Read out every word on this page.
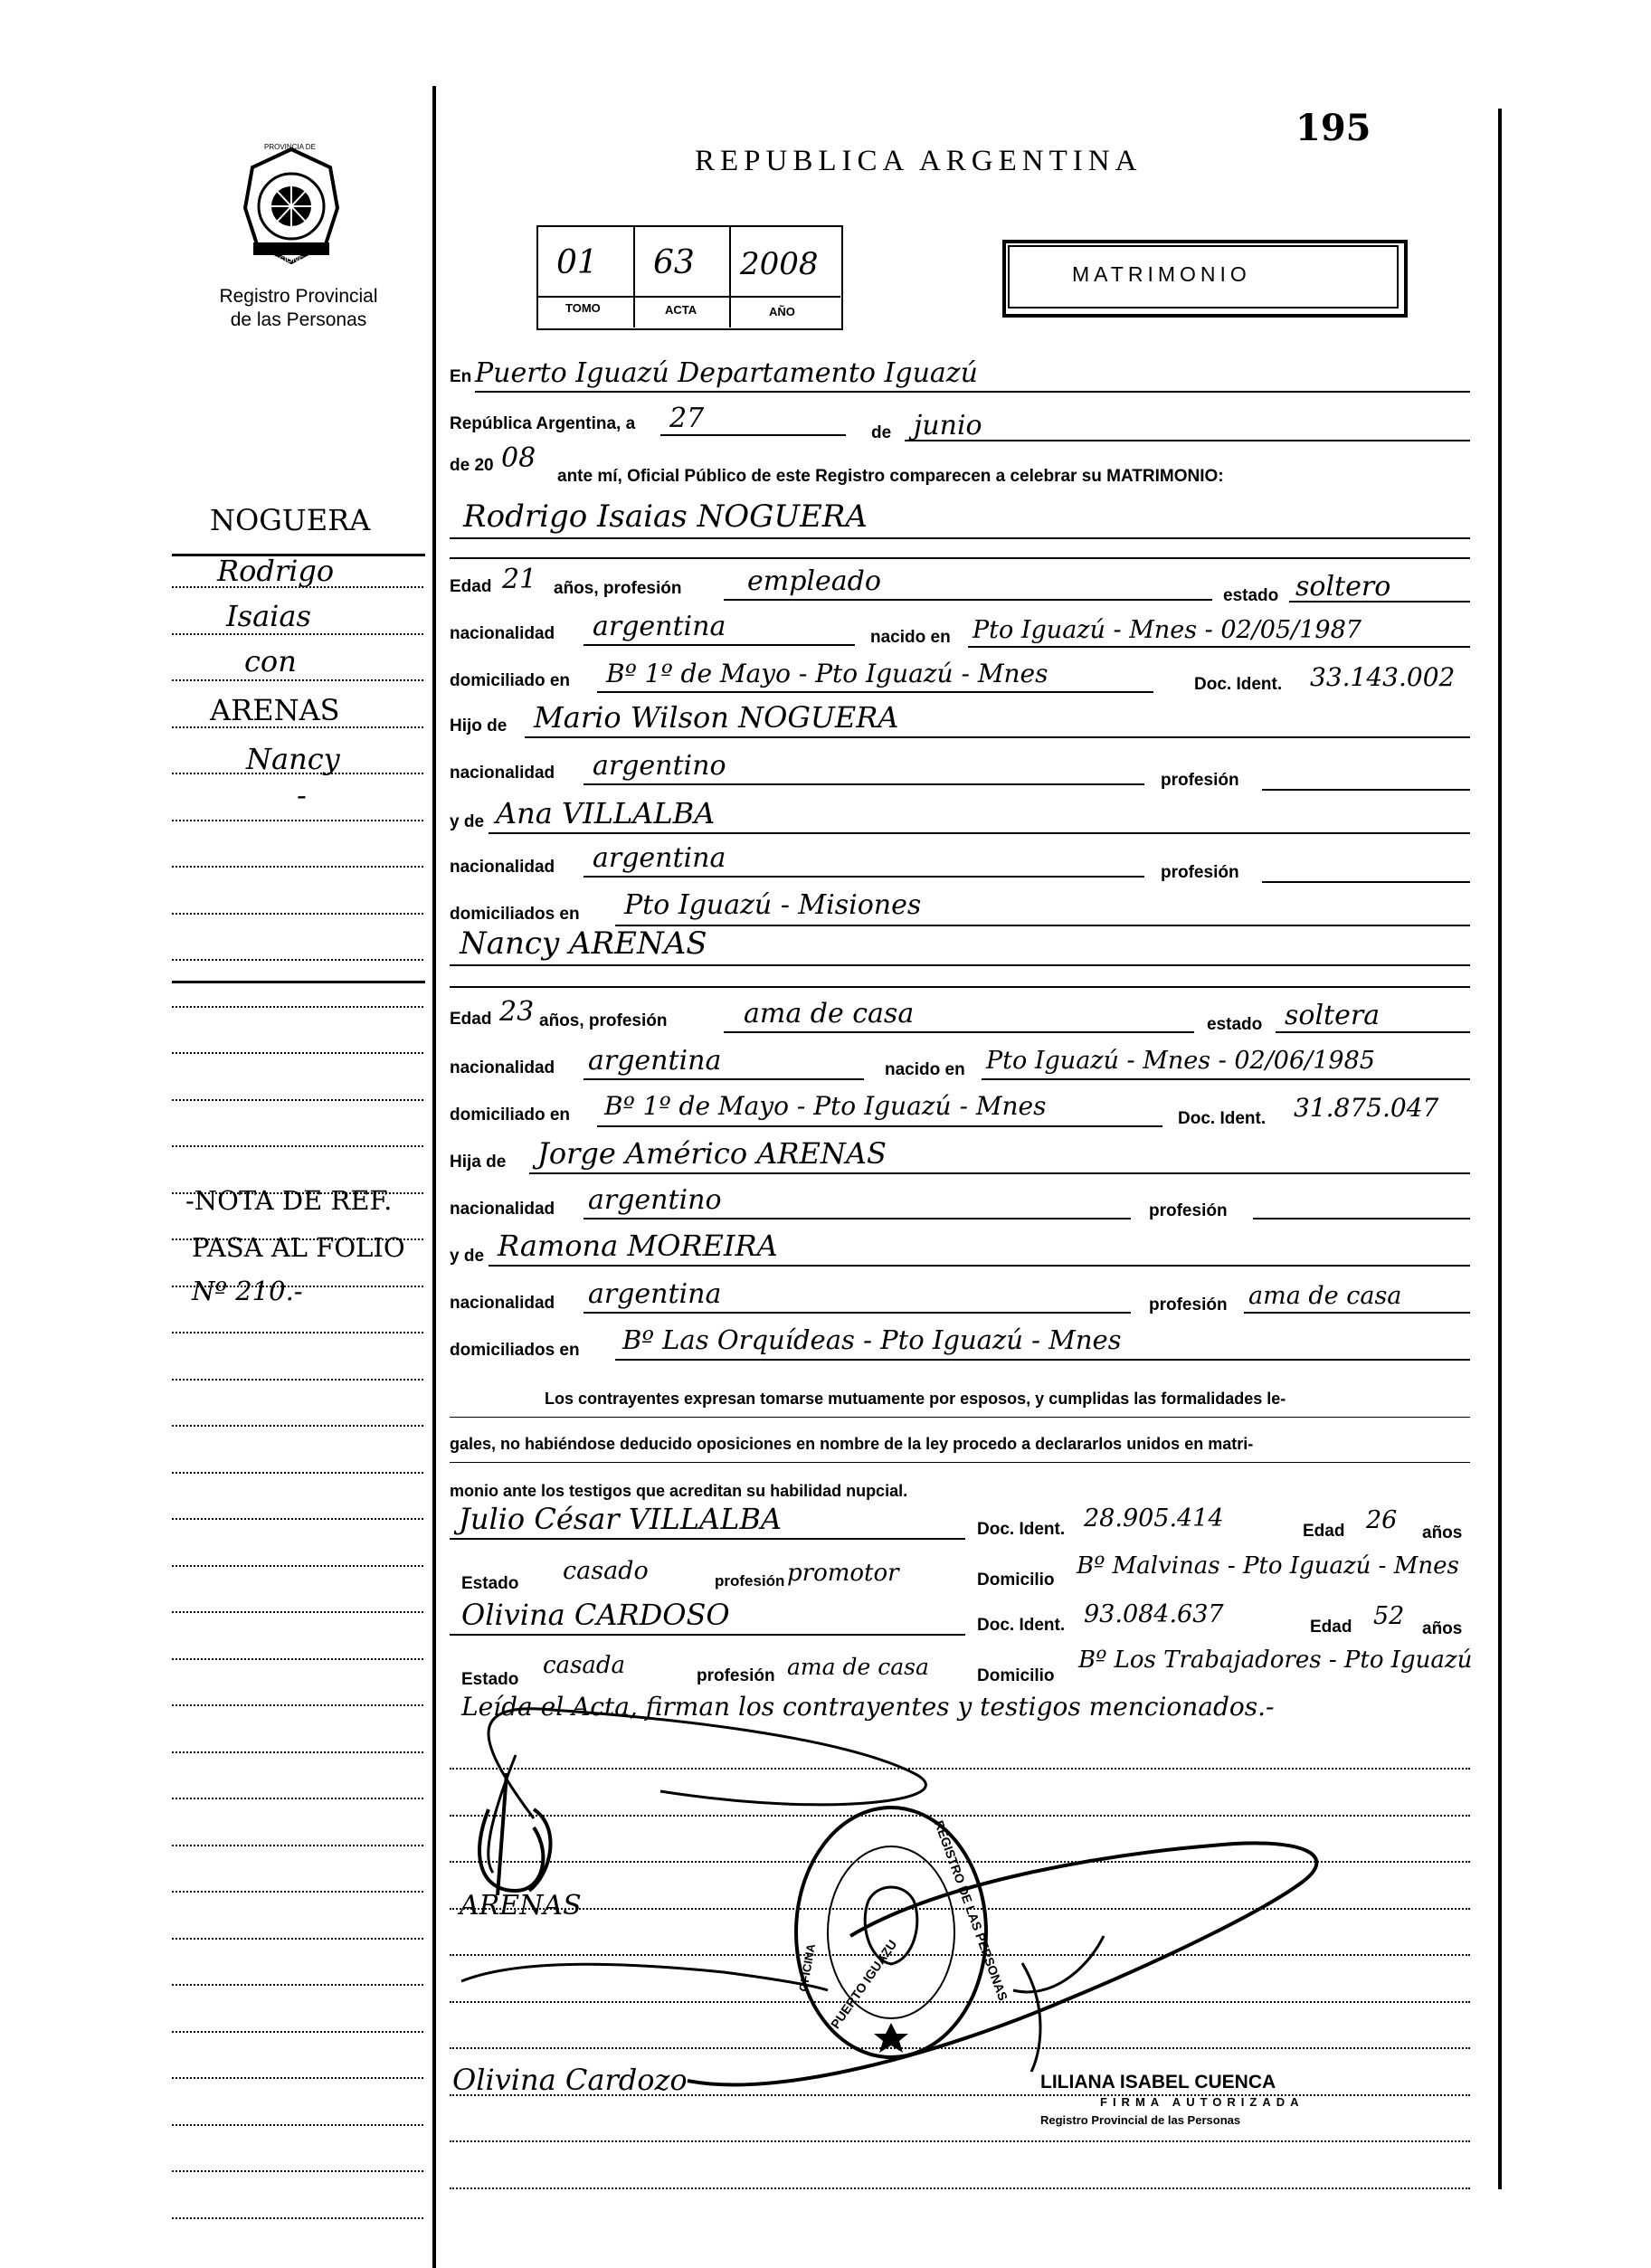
195
REPUBLICA ARGENTINA
PROVINCIA DE
MISIONES
Registro Provincial
de las Personas
01 63 2008
TOMO	ACTA	AÑO
MATRIMONIO
En Puerto Iguazú Departamento Iguazú
República Argentina, a 27	de junio
de 20 08
ante mí, Oficial Público de este Registro comparecen a celebrar su MATRIMONIO:
Rodrigo Isaias NOGUERA
Edad 21 años, profesión empleado	estado soltero
nacionalidad argentina	nacido en Pto Iguazú - Mnes - 02/05/1987
domiciliado en Bº 1º de Mayo - Pto Iguazú - Mnes	Doc. Ident. 33.143.002
Hijo de Mario Wilson NOGUERA
nacionalidad argentino	profesión
y de Ana VILLALBA
nacionalidad argentina	profesión
domiciliados en Pto Iguazú - Misiones
Nancy ARENAS
Edad 23 años, profesión	ama de casa	estado soltera
nacionalidad argentina	nacido en Pto Iguazú - Mnes - 02/06/1985
domiciliado en Bº 1º de Mayo - Pto Iguazú - Mnes	Doc. Ident. 31.875.047
Hija de Jorge Américo ARENAS
nacionalidad argentino	profesión
y de Ramona MOREIRA
nacionalidad argentina	profesión ama de casa
domiciliados en Bº Las Orquídeas - Pto Iguazú - Mnes
Los contrayentes expresan tomarse mutuamente por esposos, y cumplidas las formalidades le-
gales, no habiéndose deducido oposiciones en nombre de la ley procedo a declararlos unidos en matri-
monio ante los testigos que acreditan su habilidad nupcial.
Julio César VILLALBA	Doc. Ident. 28.905.414	Edad 26 años
Estado casado	profesión promotor	Domicilio
Bº Malvinas - Pto Iguazú - Mnes
Olivina CARDOSO	Doc. Ident. 93.084.637	Edad 52 años
Estado
casada	profesión ama de casa	Domicilio
Bº Los Trabajadores - Pto Iguazú
Leída el Acta, firman los contrayentes y testigos mencionados.-
NOGUERA
Rodrigo
Isaias
con
ARENAS
Nancy
-
-NOTA DE REF.
PASA AL FOLIO
Nº 210.-
ARENAS
Olivina Cardozo
REGISTRO DE LAS PERSONAS
PUERTO IGUAZU
OFICINA
LILIANA ISABEL CUENCA
FIRMA AUTORIZADA
Registro Provincial de las Personas
